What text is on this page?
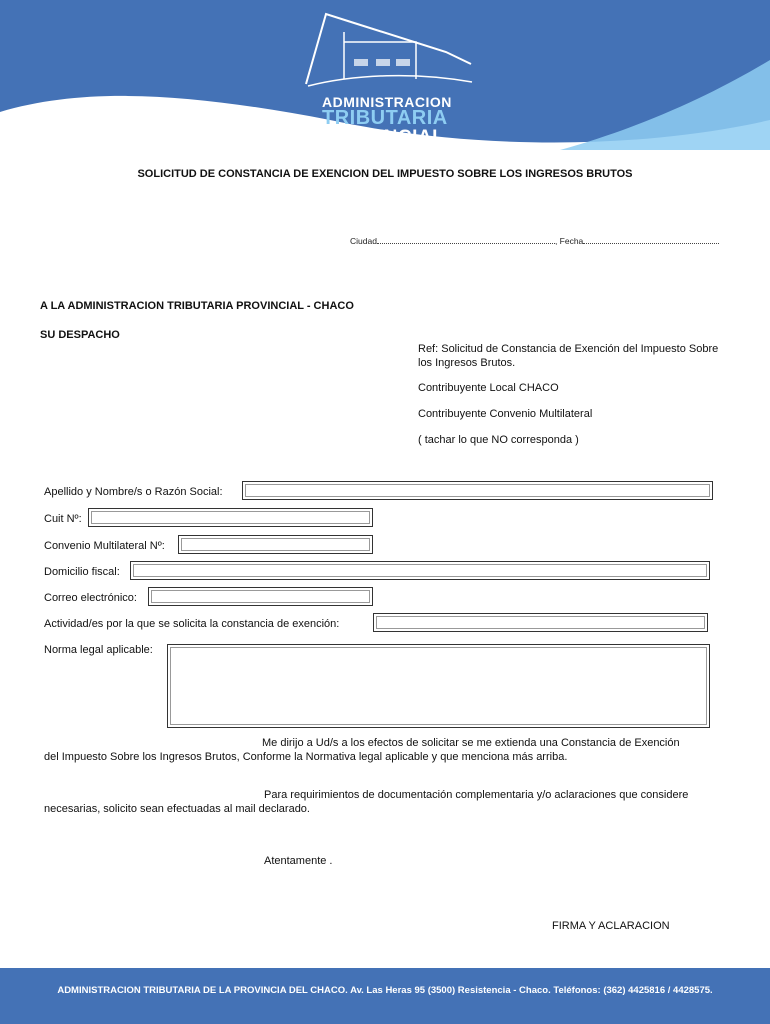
ADMINISTRACION
TRIBUTARIA
PROVINCIAL
SOLICITUD DE CONSTANCIA DE EXENCION DEL IMPUESTO SOBRE LOS INGRESOS BRUTOS
Ciudad	, Fecha
A LA ADMINISTRACION TRIBUTARIA PROVINCIAL - CHACO
SU DESPACHO
Ref: Solicitud de Constancia de Exención del Impuesto Sobre los Ingresos Brutos.
Contribuyente Local CHACO
Contribuyente Convenio Multilateral
( tachar lo que NO corresponda )
Apellido y Nombre/s o Razón Social:
Cuit Nº:
Convenio Multilateral Nº:
Domicilio fiscal:
Correo electrónico:
Actividad/es por la que se solicita la constancia de exención:
Norma legal aplicable:
Me dirijo a Ud/s a los efectos de solicitar se me extienda una Constancia de Exención
del Impuesto Sobre los Ingresos Brutos, Conforme la Normativa legal aplicable y que menciona más arriba.
Para requirimientos de documentación complementaria y/o aclaraciones que considere
necesarias, solicito sean efectuadas al mail declarado.
Atentamente .
FIRMA Y ACLARACION
ADMINISTRACION TRIBUTARIA DE LA PROVINCIA DEL CHACO. Av. Las Heras 95 (3500) Resistencia - Chaco. Teléfonos: (362) 4425816 / 4428575.
